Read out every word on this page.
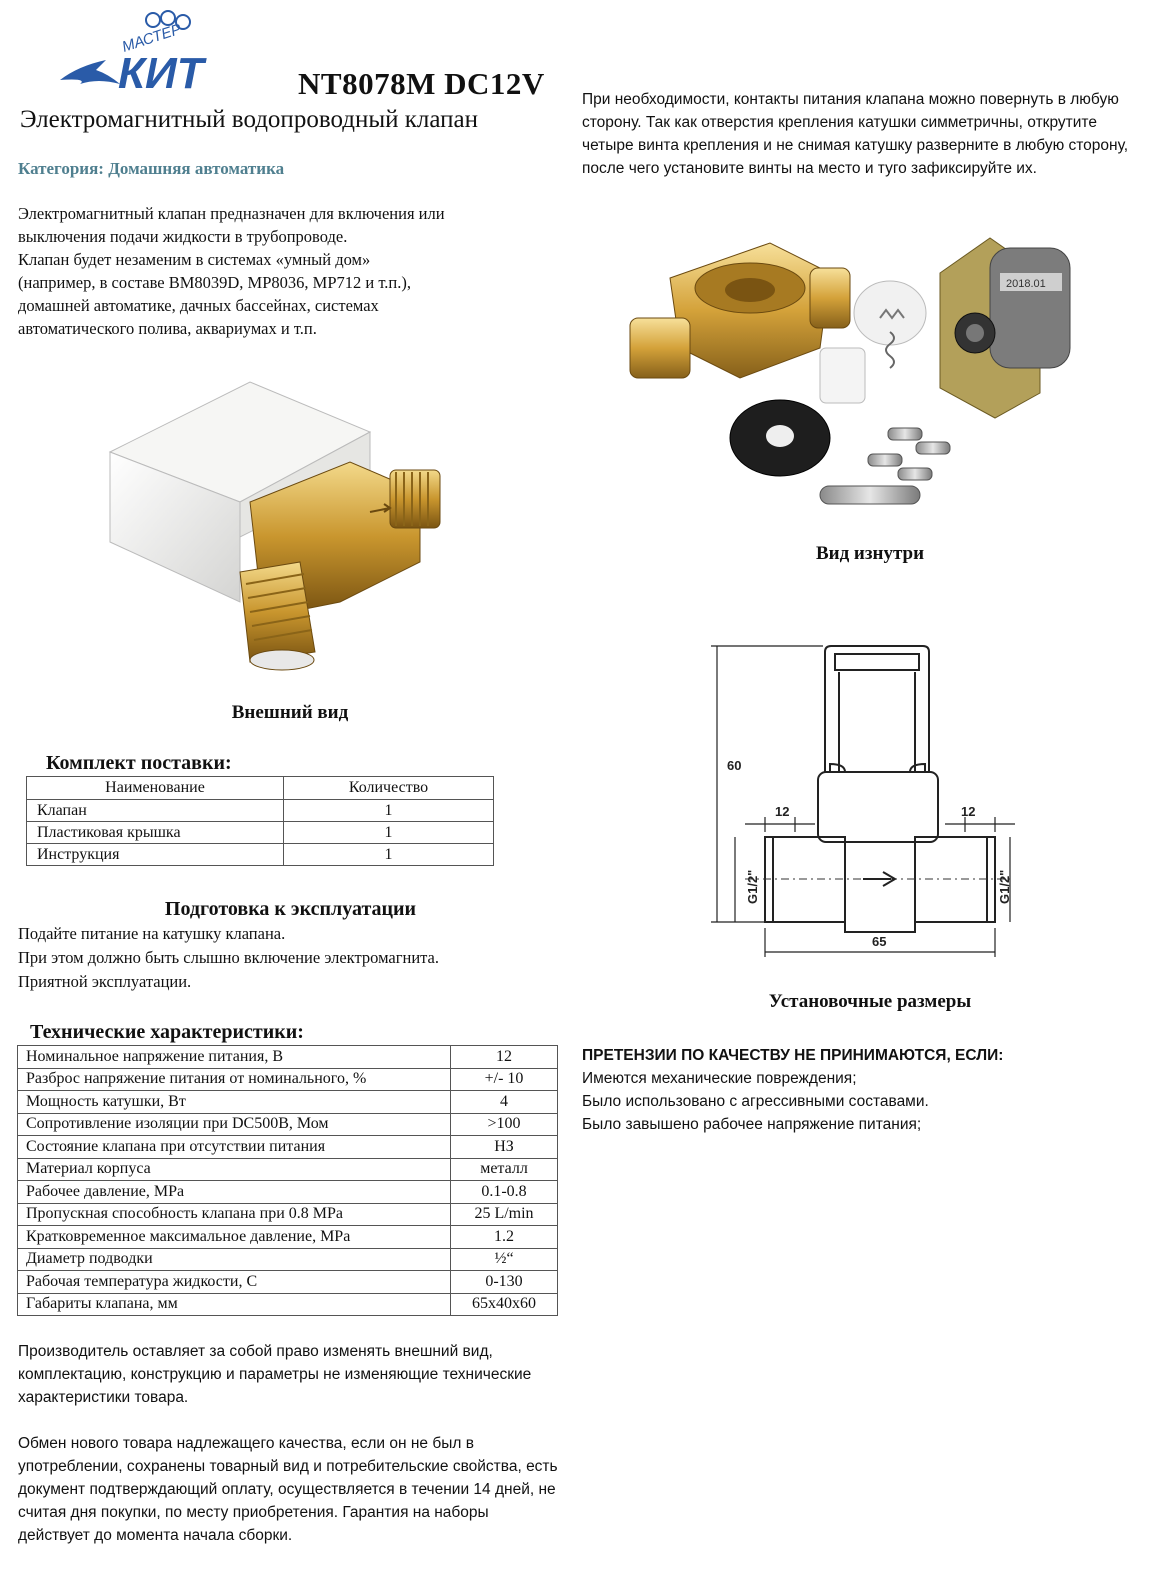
МАСТЕР
КИТ	NT8078M DC12V
Электромагнитный водопроводный клапан
Категория: Домашняя автоматика

Электромагнитный клапан предназначен для включения или

выключения подачи жидкости в трубопроводе.

Клапан будет незаменим в системах «умный дом»

(например, в составе ВМ8039D, MP8036, MP712 и т.п.),

домашней автоматике, дачных бассейнах, системах

автоматического полива, аквариумах и т.п.

Внешний вид
Комплект поставки:
Наименование	Количество
Клапан	1
Пластиковая крышка	1
Инструкция	1
Подготовка к эксплуатации

Подайте питание на катушку клапана.

При этом должно быть слышно включение электромагнита.

Приятной эксплуатации.

Технические характеристики:
Номинальное напряжение питания, В	12
Разброс напряжение питания от номинального, %	+/- 10
Мощность катушки, Вт	4
Сопротивление изоляции при DC500B, Мом	>100
Состояние клапана при отсутствии питания	НЗ
Материал корпуса	металл
Рабочее давление, MPa	0.1-0.8
Пропускная способность клапана при 0.8 MPa	25 L/min
Кратковременное максимальное давление, MPa	1.2
Диаметр подводки	½“
Рабочая температура жидкости, С	0-130
Габариты клапана, мм	65x40x60

Производитель оставляет за собой право изменять внешний вид, комплектацию, конструкцию и параметры не изменяющие технические характеристики товара.

Обмен нового товара надлежащего качества, если он не был в употреблении, сохранены товарный вид и потребительские свойства, есть документ подтверждающий оплату, осуществляется в течении 14 дней, не считая дня покупки, по месту приобретения. Гарантия на наборы действует до момента начала сборки.

При необходимости, контакты питания клапана можно повернуть в любую сторону. Так как отверстия крепления катушки симметричны, открутите четыре винта крепления и не снимая катушку разверните в любую сторону, после чего установите винты на место и туго зафиксируйте их.
2018.01
Вид изнутри
60
12	12
65
G1/2"	G1/2"
Установочные размеры
ПРЕТЕНЗИИ ПО КАЧЕСТВУ НЕ ПРИНИМАЮТСЯ, ЕСЛИ:
Имеются механические повреждения;
Было использовано с агрессивными составами.
Было завышено рабочее напряжение питания;
